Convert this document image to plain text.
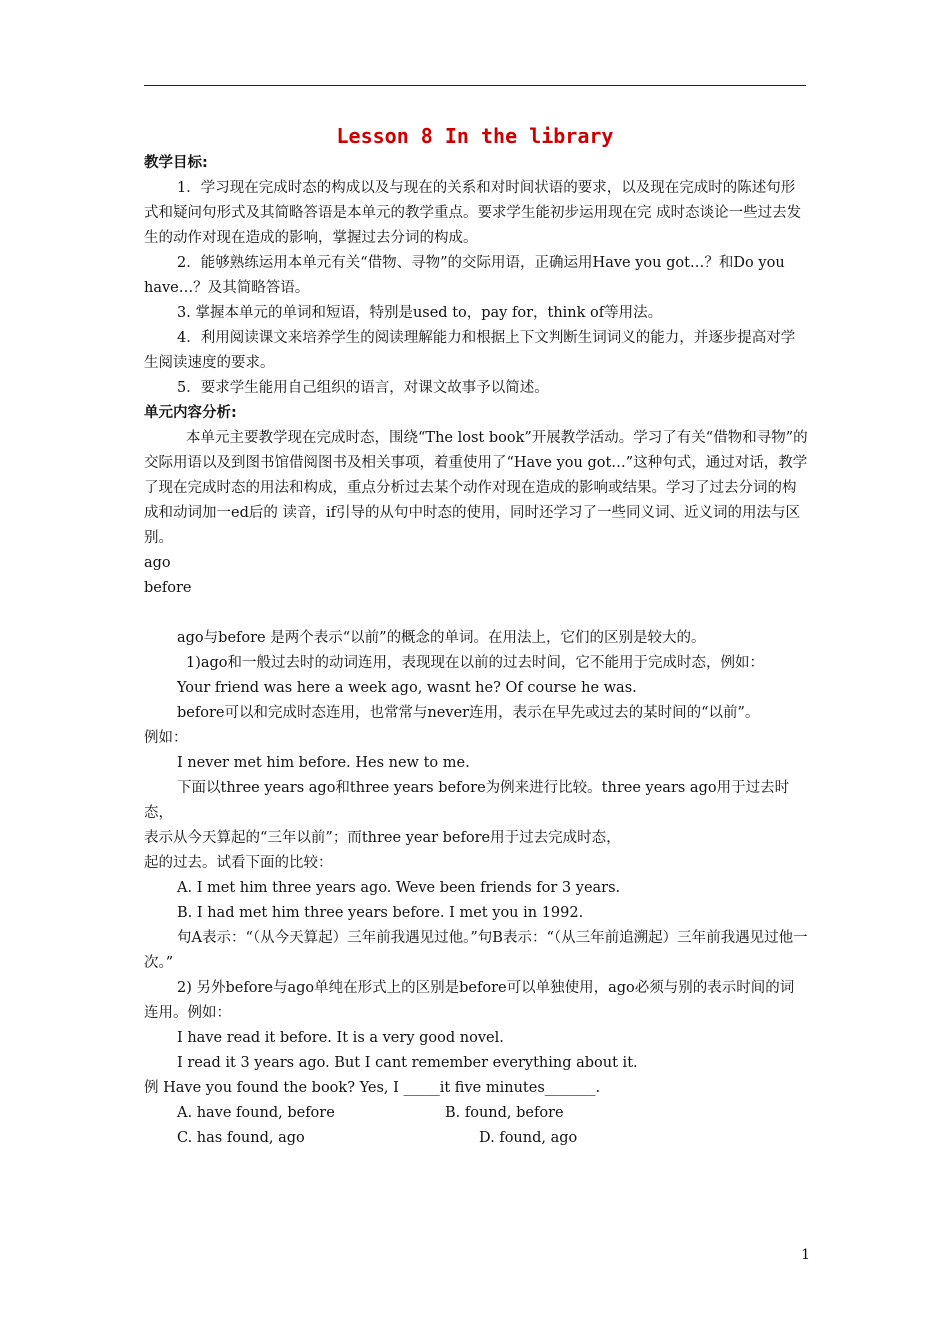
Lesson 8 In the library

教学目标:

1．学习现在完成时态的构成以及与现在的关系和对时间状语的要求，以及现在完成时的陈述句形式和疑问句形式及其简略答语是本单元的教学重点。要求学生能初步运用现在完 成时态谈论一些过去发生的动作对现在造成的影响，掌握过去分词的构成。

2．能够熟练运用本单元有关“借物、寻物”的交际用语，正确运用Have you got…？和Do you have…？及其简略答语。

3. 掌握本单元的单词和短语，特别是used to，pay for，think of等用法。

4．利用阅读课文来培养学生的阅读理解能力和根据上下文判断生词词义的能力，并逐步提高对学生阅读速度的要求。

5．要求学生能用自己组织的语言，对课文故事予以简述。

单元内容分析:

本单元主要教学现在完成时态，围绕“The lost book”开展教学活动。学习了有关“借物和寻物”的交际用语以及到图书馆借阅图书及相关事项，着重使用了“Have you got…”这种句式，通过对话，教学了现在完成时态的用法和构成，重点分析过去某个动作对现在造成的影响或结果。学习了过去分词的构成和动词加一ed后的 读音，if引导的从句中时态的使用，同时还学习了一些同义词、近义词的用法与区别。

ago

before

ago与before 是两个表示“以前”的概念的单词。在用法上，它们的区别是较大的。

1)ago和一般过去时的动词连用，表现现在以前的过去时间，它不能用于完成时态，例如：

Your friend was here a week ago, wasnt he? Of course he was.

before可以和完成时态连用，也常常与never连用，表示在早先或过去的某时间的“以前”。

例如：

I never met him before. Hes new to me.

下面以three years ago和three years before为例来进行比较。three years ago用于过去时态，

表示从今天算起的“三年以前”；而three year before用于过去完成时态，

起的过去。试看下面的比较：

A. I met him three years ago. Weve been friends for 3 years.

B. I had met him three years before. I met you in 1992.

句A表示：“（从今天算起）三年前我遇见过他。”句B表示：“（从三年前追溯起）三年前我遇见过他一次。”

2) 另外before与ago单纯在形式上的区别是before可以单独使用，ago必须与别的表示时间的词连用。例如：

I have read it before. It is a very good novel.

I read it 3 years ago. But I cant remember everything about it.

例 Have you found the book? Yes, I _____it five minutes_______.

A. have found, before	B. found, before
C. has found, ago	D. found, ago
1
